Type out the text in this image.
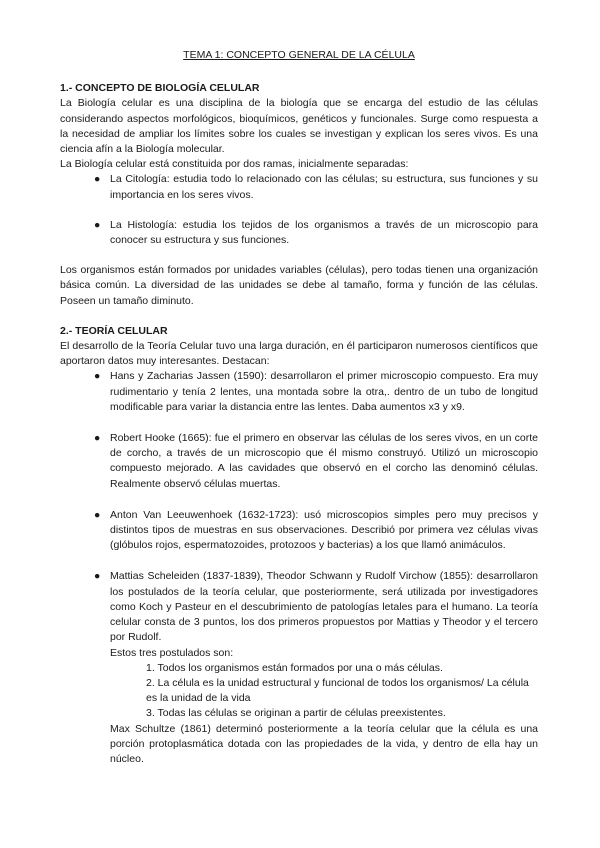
TEMA 1: CONCEPTO GENERAL DE LA CÉLULA
1.- CONCEPTO DE BIOLOGÍA CELULAR

La Biología celular es una disciplina de la biología que se encarga del estudio de las células considerando aspectos morfológicos, bioquímicos, genéticos y funcionales. Surge como respuesta a la necesidad de ampliar los límites sobre los cuales se investigan y explican los seres vivos. Es una ciencia afín a la Biología molecular.

La Biología celular está constituida por dos ramas, inicialmente separadas:

● La Citología: estudia todo lo relacionado con las células; su estructura, sus funciones y su importancia en los seres vivos.
● La Histología: estudia los tejidos de los organismos a través de un microscopio para conocer su estructura y sus funciones.

Los organismos están formados por unidades variables (células), pero todas tienen una organización básica común. La diversidad de las unidades se debe al tamaño, forma y función de las células. Poseen un tamaño diminuto.

2.- TEORÍA CELULAR

El desarrollo de la Teoría Celular tuvo una larga duración, en él participaron numerosos científicos que aportaron datos muy interesantes. Destacan:

● Hans y Zacharias Jassen (1590): desarrollaron el primer microscopio compuesto. Era muy rudimentario y tenía 2 lentes, una montada sobre la otra,. dentro de un tubo de longitud modificable para variar la distancia entre las lentes. Daba aumentos x3 y x9.
● Robert Hooke (1665): fue el primero en observar las células de los seres vivos, en un corte de corcho, a través de un microscopio que él mismo construyó. Utilizó un microscopio compuesto mejorado. A las cavidades que observó en el corcho las denominó células. Realmente observó células muertas.
● Anton Van Leeuwenhoek (1632-1723): usó microscopios simples pero muy precisos y distintos tipos de muestras en sus observaciones. Describió por primera vez células vivas (glóbulos rojos, espermatozoides, protozoos y bacterias) a los que llamó animáculos.
● Mattias Scheleiden (1837-1839), Theodor Schwann y Rudolf Virchow (1855): desarrollaron los postulados de la teoría celular, que posteriormente, será utilizada por investigadores como Koch y Pasteur en el descubrimiento de patologías letales para el humano. La teoría celular consta de 3 puntos, los dos primeros propuestos por Mattias y Theodor y el tercero por Rudolf.

Estos tres postulados son:

1. Todos los organismos están formados por una o más células.
2. La célula es la unidad estructural y funcional de todos los organismos/ La célula es la unidad de la vida
3. Todas las células se originan a partir de células preexistentes.

Max Schultze (1861) determinó posteriormente a la teoría celular que la célula es una porción protoplasmática dotada con las propiedades de la vida, y dentro de ella hay un núcleo.
